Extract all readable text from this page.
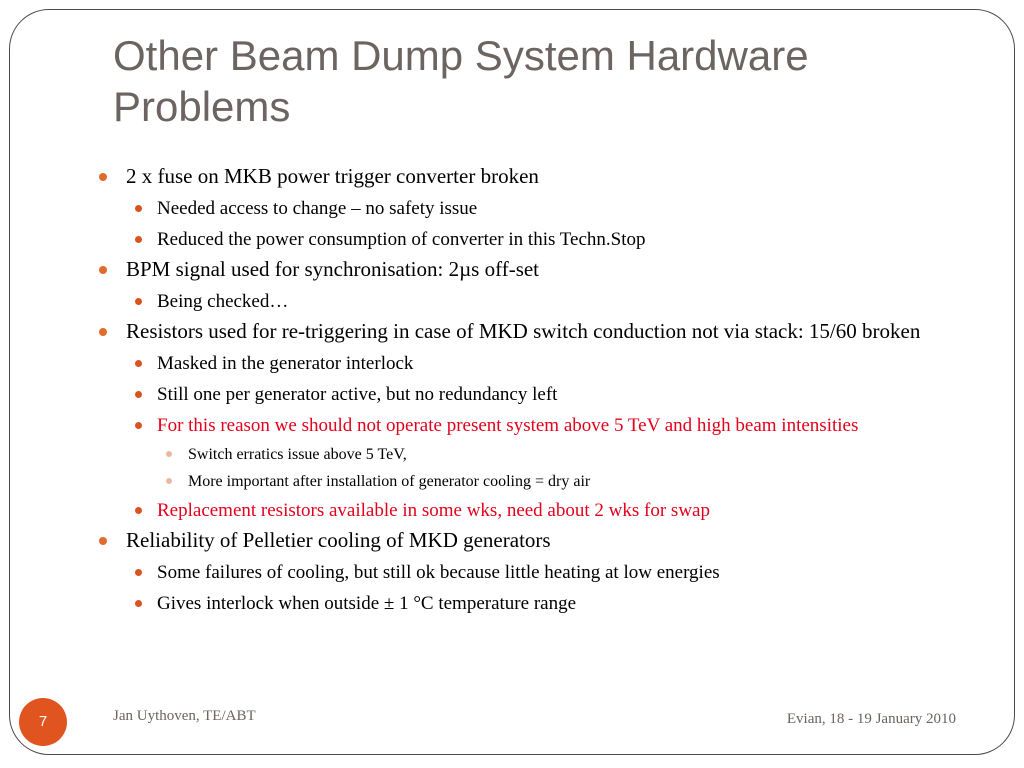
Other Beam Dump System Hardware Problems
2 x fuse on MKB power trigger converter broken
Needed access to change – no safety issue
Reduced the power consumption of converter in this Techn.Stop
BPM signal used for synchronisation: 2µs off-set
Being checked…
Resistors used for re-triggering in case of MKD switch conduction not via stack: 15/60 broken
Masked in the generator interlock
Still one per generator active, but no redundancy left
For this reason we should not operate present system above 5 TeV and high beam intensities
Switch erratics issue above 5 TeV,
More important after installation of generator cooling = dry air
Replacement resistors available in some wks, need about 2 wks for swap
Reliability of Pelletier cooling of MKD generators
Some failures of cooling, but still ok because little heating at low energies
Gives interlock when outside ± 1 °C temperature range
7	Jan Uythoven, TE/ABT	Evian, 18 - 19 January 2010
